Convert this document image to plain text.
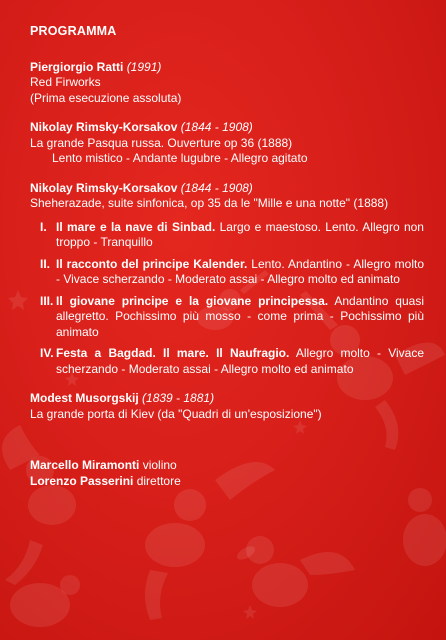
PROGRAMMA
Piergiorgio Ratti (1991)
Red Firworks
(Prima esecuzione assoluta)
Nikolay Rimsky-Korsakov (1844 - 1908)
La grande Pasqua russa. Ouverture op 36 (1888)
Lento mistico - Andante lugubre - Allegro agitato
Nikolay Rimsky-Korsakov (1844 - 1908)
Sheherazade, suite sinfonica, op 35 da le "Mille e una notte" (1888)
I. Il mare e la nave di Sinbad. Largo e maestoso. Lento. Allegro non troppo - Tranquillo
II. Il racconto del principe Kalender. Lento. Andantino - Allegro molto - Vivace scherzando - Moderato assai - Allegro molto ed animato
III. Il giovane principe e la giovane principessa. Andantino quasi allegretto. Pochissimo più mosso - come prima - Pochissimo più animato
IV. Festa a Bagdad. Il mare. Il Naufragio. Allegro molto - Vivace scherzando - Moderato assai - Allegro molto ed animato
Modest Musorgskij (1839 - 1881)
La grande porta di Kiev (da "Quadri di un'esposizione")
Marcello Miramonti violino
Lorenzo Passerini direttore
